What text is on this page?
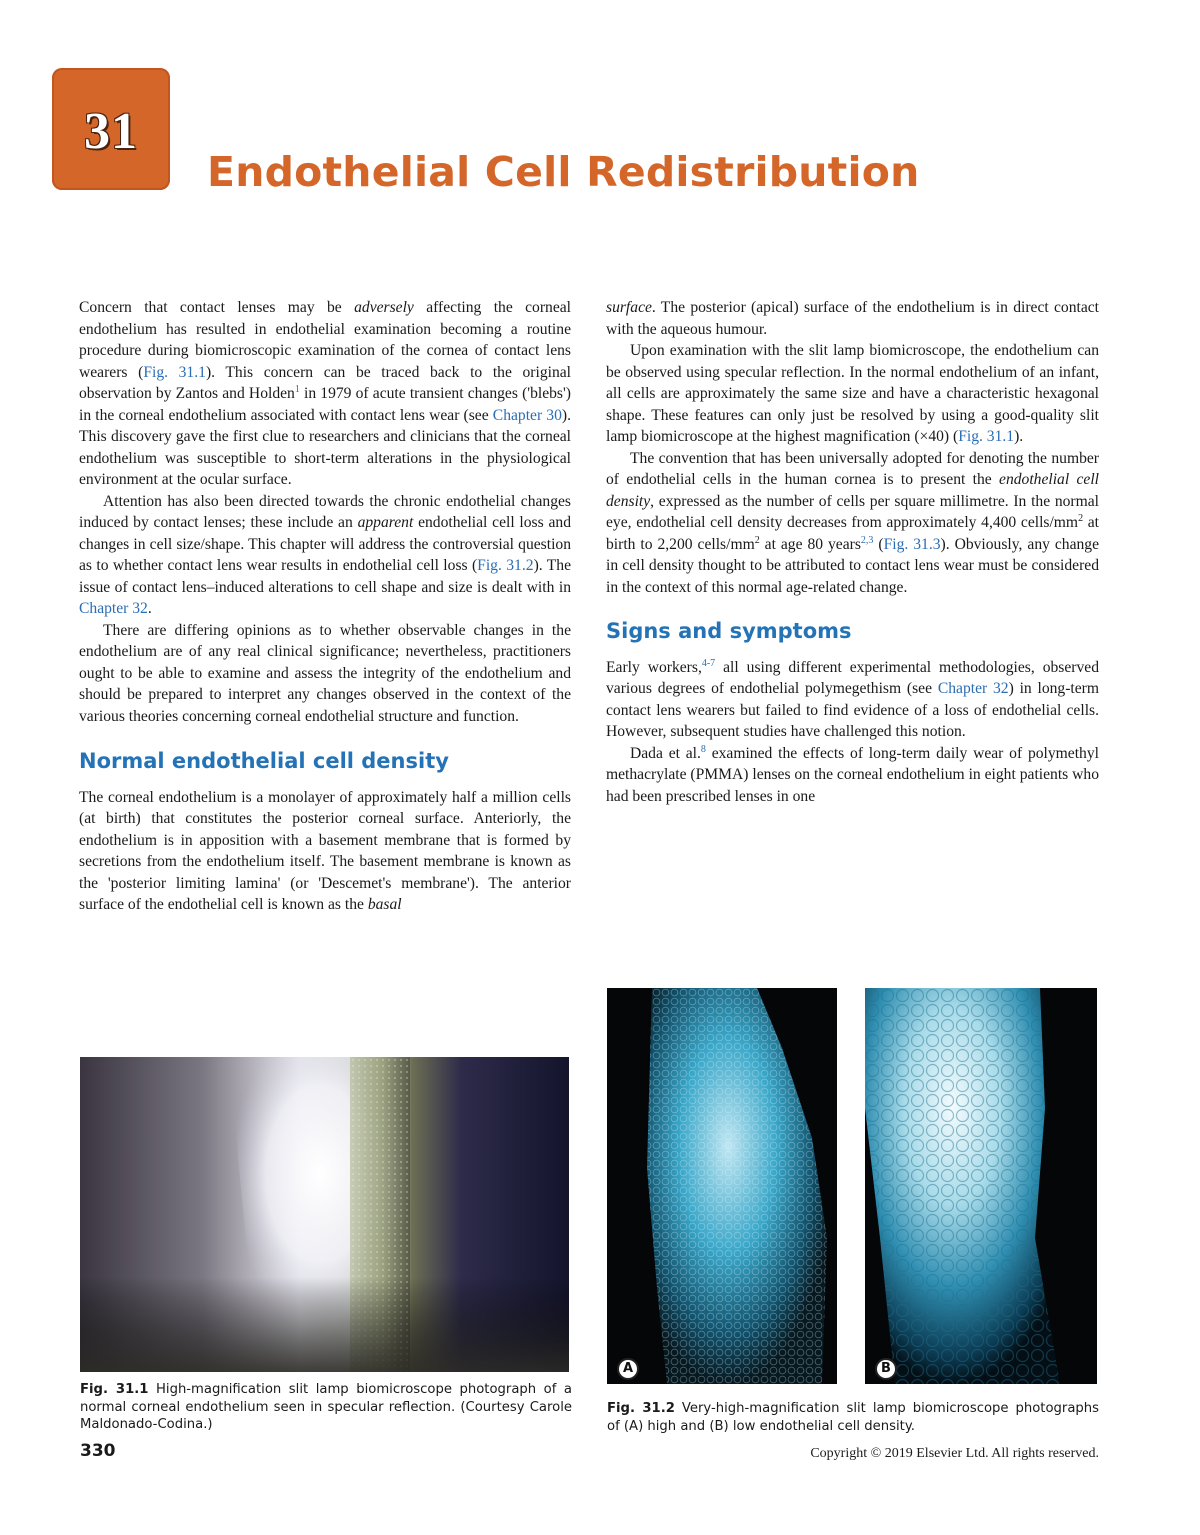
31
Endothelial Cell Redistribution

Concern that contact lenses may be adversely affecting the corneal endothelium has resulted in endothelial examination becoming a routine procedure during biomicroscopic examination of the cornea of contact lens wearers (Fig. 31.1). This concern can be traced back to the original observation by Zantos and Holden$^1$ in 1979 of acute transient changes ('blebs') in the corneal endothelium associated with contact lens wear (see Chapter 30). This discovery gave the first clue to researchers and clinicians that the corneal endothelium was susceptible to short-term alterations in the physiological environment at the ocular surface.

Attention has also been directed towards the chronic endothelial changes induced by contact lenses; these include an apparent endothelial cell loss and changes in cell size/shape. This chapter will address the controversial question as to whether contact lens wear results in endothelial cell loss (Fig. 31.2). The issue of contact lens–induced alterations to cell shape and size is dealt with in Chapter 32.

There are differing opinions as to whether observable changes in the endothelium are of any real clinical significance; nevertheless, practitioners ought to be able to examine and assess the integrity of the endothelium and should be prepared to interpret any changes observed in the context of the various theories concerning corneal endothelial structure and function.

Normal endothelial cell density

The corneal endothelium is a monolayer of approximately half a million cells (at birth) that constitutes the posterior corneal surface. Anteriorly, the endothelium is in apposition with a basement membrane that is formed by secretions from the endothelium itself. The basement membrane is known as the 'posterior limiting lamina' (or 'Descemet's membrane'). The anterior surface of the endothelial cell is known as the basal

surface. The posterior (apical) surface of the endothelium is in direct contact with the aqueous humour.

Upon examination with the slit lamp biomicroscope, the endothelium can be observed using specular reflection. In the normal endothelium of an infant, all cells are approximately the same size and have a characteristic hexagonal shape. These features can only just be resolved by using a good-quality slit lamp biomicroscope at the highest magnification (×40) (Fig. 31.1).

The convention that has been universally adopted for denoting the number of endothelial cells in the human cornea is to present the endothelial cell density, expressed as the number of cells per square millimetre. In the normal eye, endothelial cell density decreases from approximately 4,400 cells/$mm^2$ at birth to 2,200 cells/$mm^2$ at age 80 years$^{2,3}$ (Fig. 31.3). Obviously, any change in cell density thought to be attributed to contact lens wear must be considered in the context of this normal age-related change.

Signs and symptoms

Early workers,$^{4-7}$ all using different experimental methodologies, observed various degrees of endothelial polymegethism (see Chapter 32) in long-term contact lens wearers but failed to find evidence of a loss of endothelial cells. However, subsequent studies have challenged this notion.

Dada et al.$^8$ examined the effects of long-term daily wear of polymethyl methacrylate (PMMA) lenses on the corneal endothelium in eight patients who had been prescribed lenses in one

Fig. 31.1 High-magnification slit lamp biomicroscope photograph of a normal corneal endothelium seen in specular reflection. (Courtesy Carole Maldonado-Codina.)
A	B
Fig. 31.2 Very-high-magnification slit lamp biomicroscope photographs of (A) high and (B) low endothelial cell density.
330	Copyright © 2019 Elsevier Ltd. All rights reserved.
